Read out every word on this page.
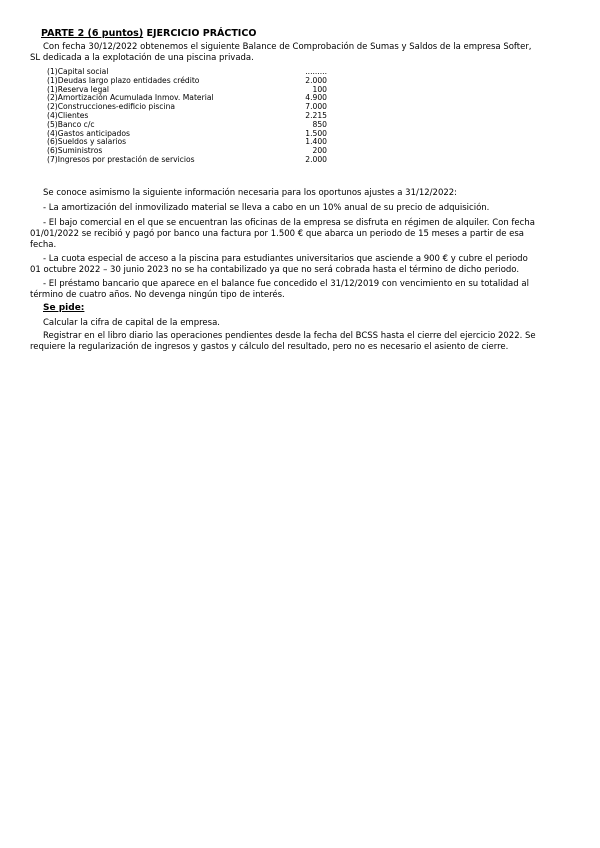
PARTE 2 (6 puntos) EJERCICIO PRÁCTICO
Con fecha 30/12/2022 obtenemos el siguiente Balance de Comprobación de Sumas y Saldos de la empresa Softer,
SL dedicada a la explotación de una piscina privada.
(1)Capital social	.........
(1)Deudas largo plazo entidades crédito	2.000
(1)Reserva legal	100
(2)Amortización Acumulada Inmov. Material	4.900
(2)Construcciones-edificio piscina	7.000
(4)Clientes	2.215
(5)Banco c/c	850
(4)Gastos anticipados	1.500
(6)Sueldos y salarios	1.400
(6)Suministros	200
(7)Ingresos por prestación de servicios	2.000
Se conoce asimismo la siguiente información necesaria para los oportunos ajustes a 31/12/2022:
- La amortización del inmovilizado material se lleva a cabo en un 10% anual de su precio de adquisición.
- El bajo comercial en el que se encuentran las oficinas de la empresa se disfruta en régimen de alquiler. Con fecha
01/01/2022 se recibió y pagó por banco una factura por 1.500 € que abarca un periodo de 15 meses a partir de esa
fecha.
- La cuota especial de acceso a la piscina para estudiantes universitarios que asciende a 900 € y cubre el periodo
01 octubre 2022 – 30 junio 2023 no se ha contabilizado ya que no será cobrada hasta el término de dicho periodo.
- El préstamo bancario que aparece en el balance fue concedido el 31/12/2019 con vencimiento en su totalidad al
término de cuatro años. No devenga ningún tipo de interés.
Se pide:
Calcular la cifra de capital de la empresa.
Registrar en el libro diario las operaciones pendientes desde la fecha del BCSS hasta el cierre del ejercicio 2022. Se
requiere la regularización de ingresos y gastos y cálculo del resultado, pero no es necesario el asiento de cierre.
